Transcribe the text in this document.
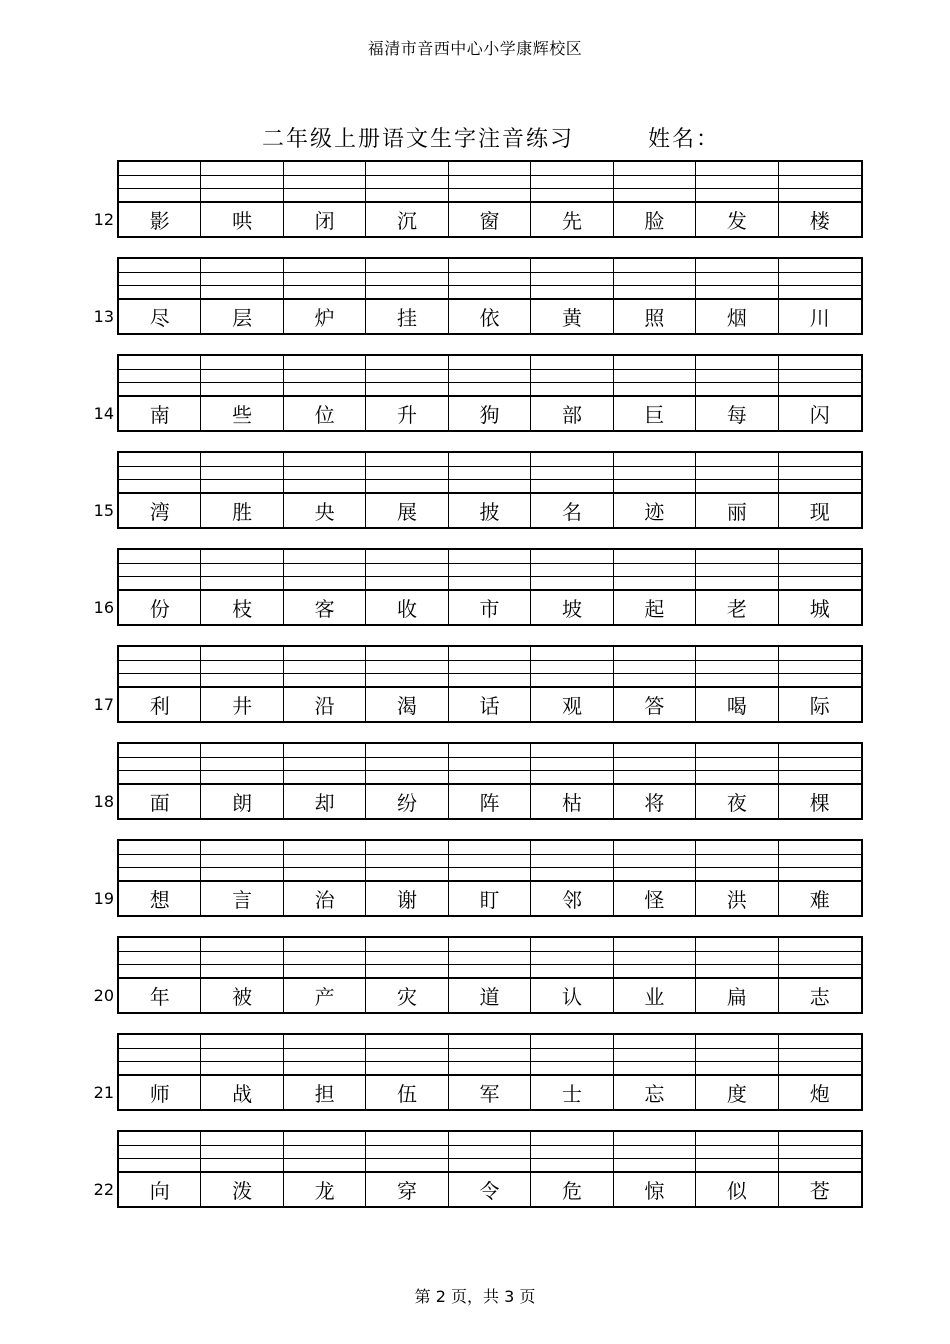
福清市音西中心小学康辉校区
二年级上册语文生字注音练习	姓名：
12	影	哄	闭	沉	窗	先	脸	发	楼
13	尽	层	炉	挂	依	黄	照	烟	川
14	南	些	位	升	狗	部	巨	每	闪
15	湾	胜	央	展	披	名	迹	丽	现
16	份	枝	客	收	市	坡	起	老	城
17	利	井	沿	渴	话	观	答	喝	际
18	面	朗	却	纷	阵	枯	将	夜	棵
19	想	言	治	谢	盯	邻	怪	洪	难
20	年	被	产	灾	道	认	业	扁	志
21	师	战	担	伍	军	士	忘	度	炮
22	向	泼	龙	穿	令	危	惊	似	苍
第 2 页，共 3 页
